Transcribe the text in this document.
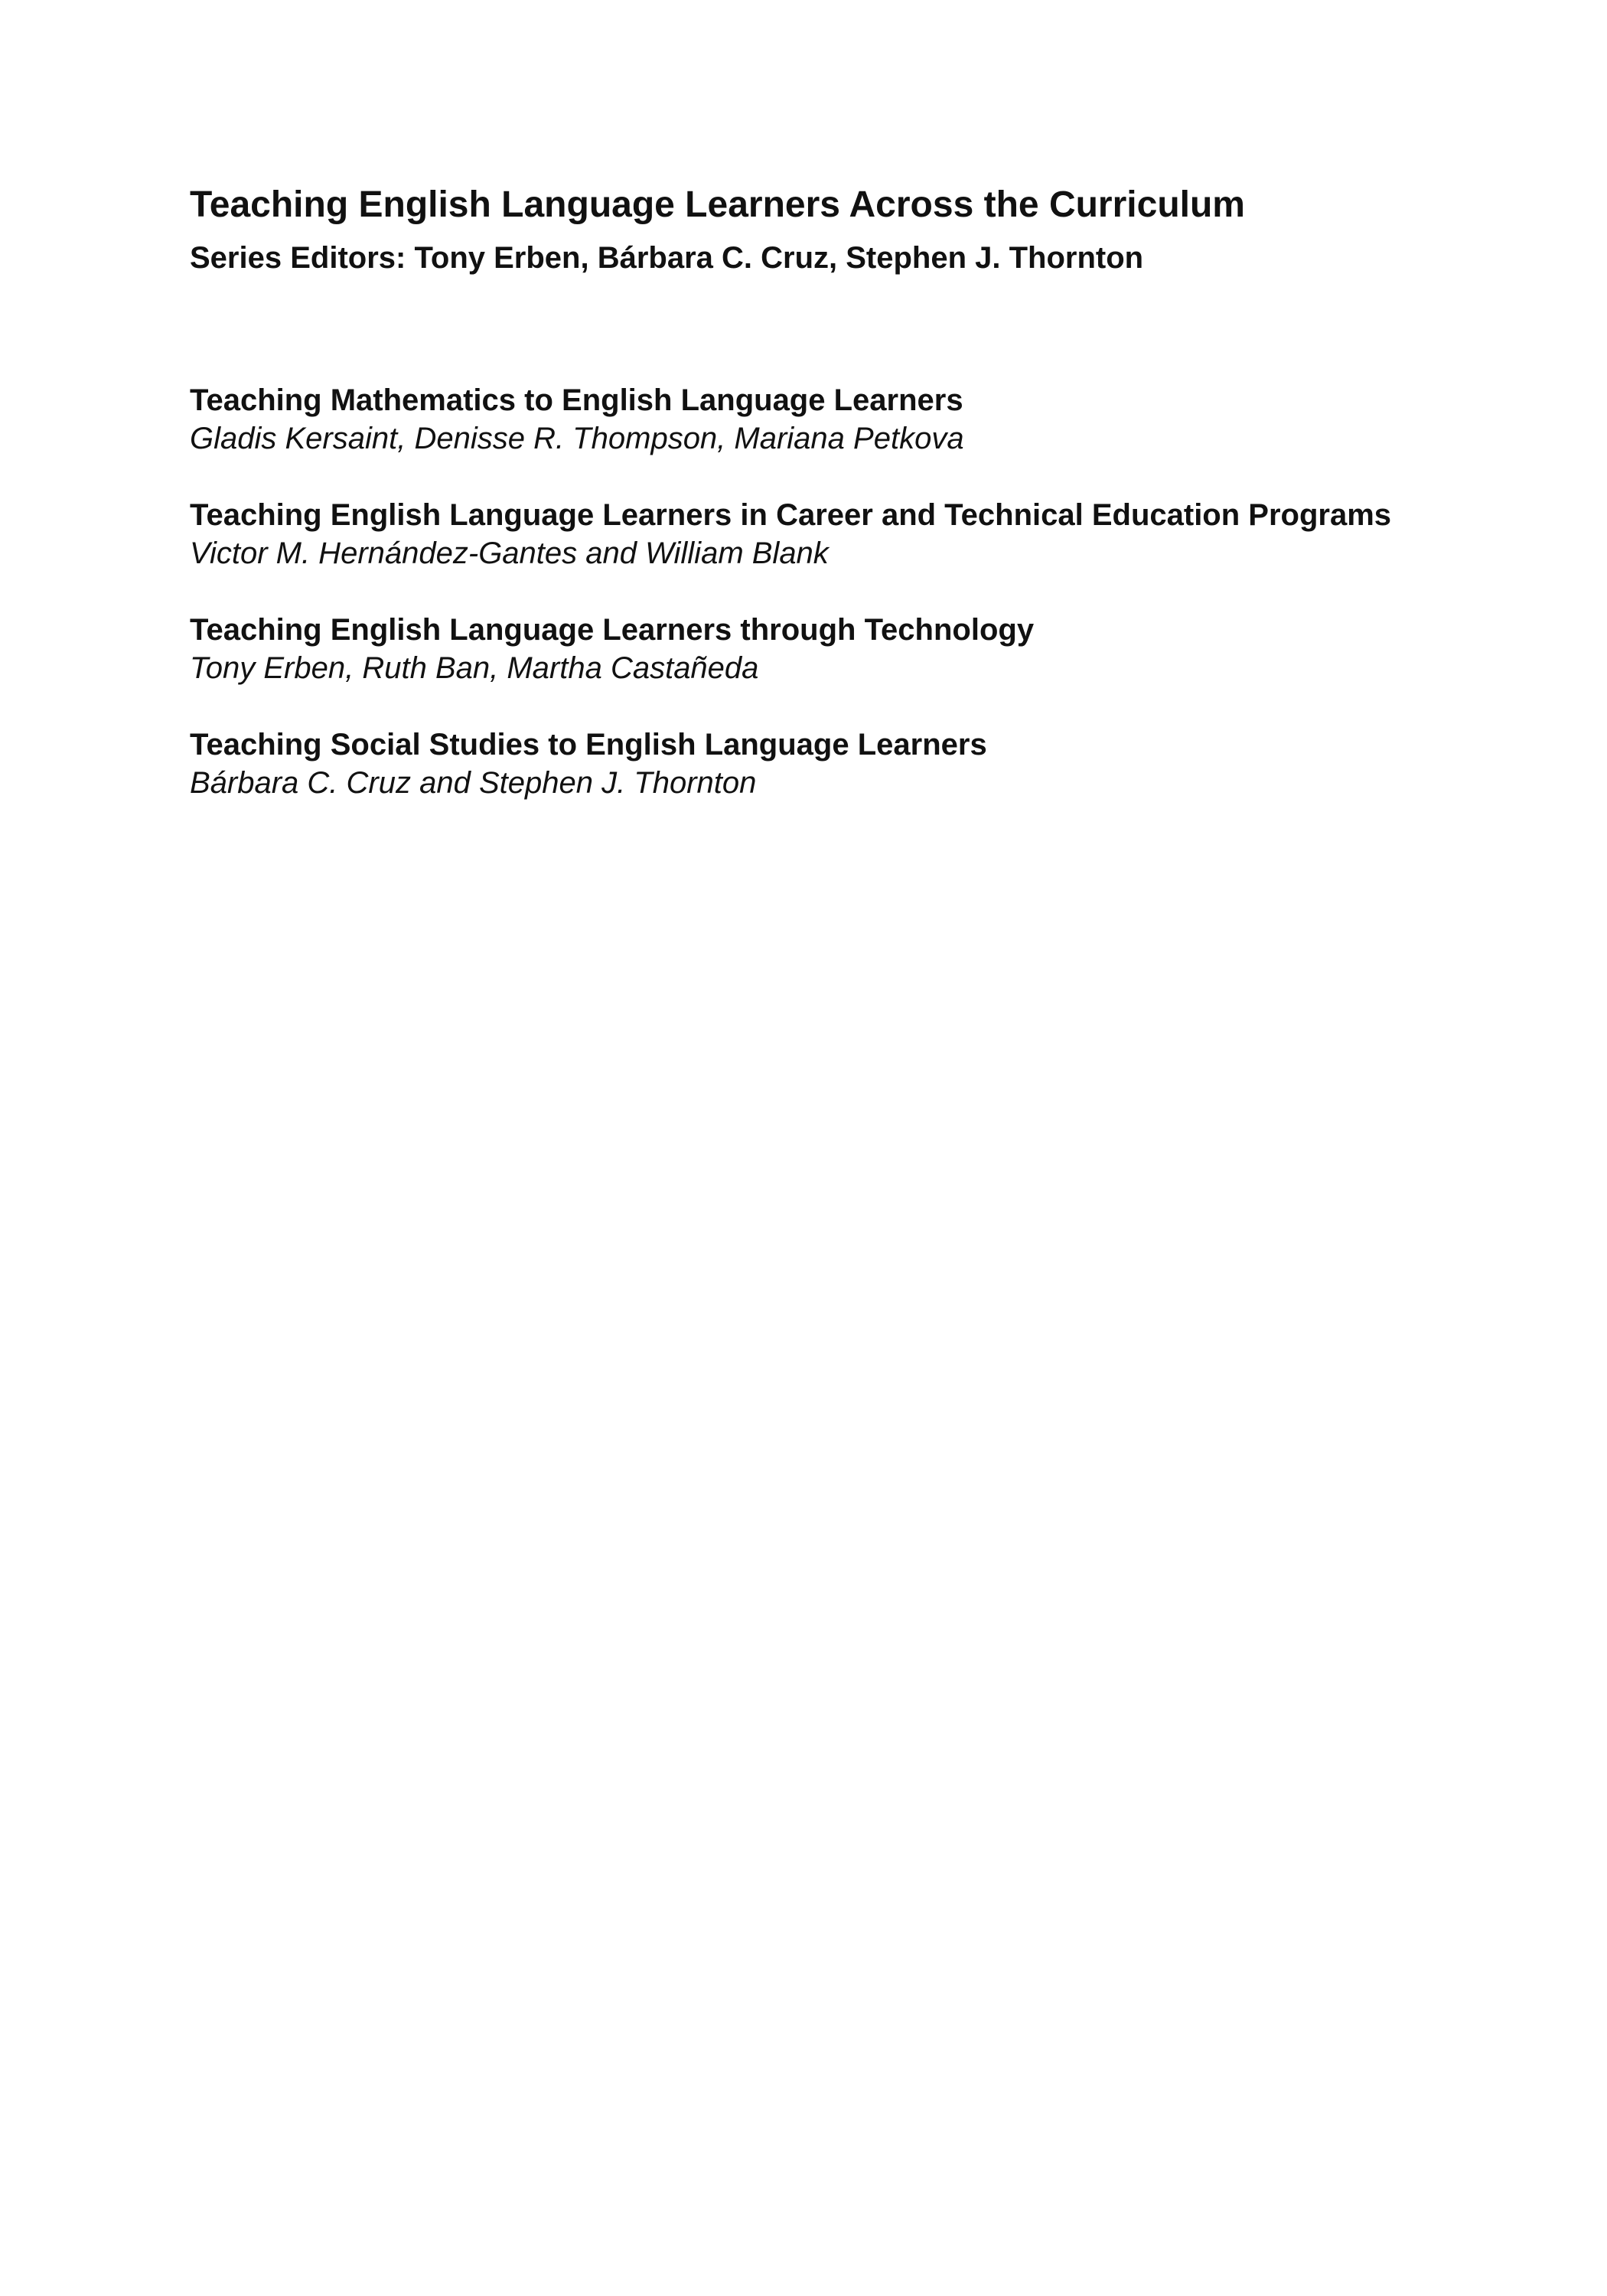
Teaching English Language Learners Across the Curriculum

Series Editors: Tony Erben, Bárbara C. Cruz, Stephen J. Thornton

Teaching Mathematics to English Language Learners
Gladis Kersaint, Denisse R. Thompson, Mariana Petkova
Teaching English Language Learners in Career and Technical Education Programs
Victor M. Hernández-Gantes and William Blank
Teaching English Language Learners through Technology
Tony Erben, Ruth Ban, Martha Castañeda
Teaching Social Studies to English Language Learners
Bárbara C. Cruz and Stephen J. Thornton
